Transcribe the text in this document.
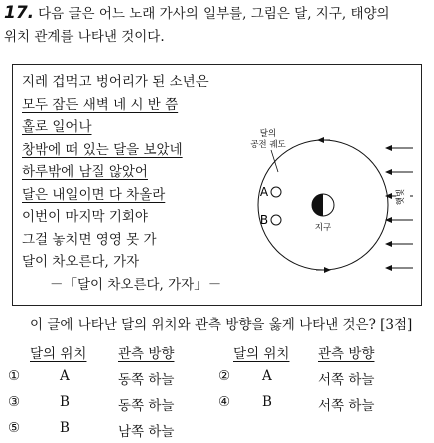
17. 다음 글은 어느 노래 가사의 일부를, 그림은 달, 지구, 태양의
위치 관계를 나타낸 것이다.
지레 겁먹고 벙어리가 된 소년은
모두 잠든 새벽 네 시 반 쯤
홀로 일어나
창밖에 떠 있는 달을 보았네
하루밖에 남질 않았어
달은 내일이면 다 차올라
이번이 마지막 기회야
그걸 놓치면 영영 못 가
달이 차오른다, 가자
－「달이 차오른다, 가자」－
달의
공전 궤도
지구
A
B
햇빛
이 글에 나타난 달의 위치와 관측 방향을 옳게 나타낸 것은? [3점]
달의 위치 관측 방향	달의 위치 관측 방향
①	A	동쪽 하늘	② A	서쪽 하늘
③	B	동쪽 하늘	④ B	서쪽 하늘
⑤	B	남쪽 하늘
